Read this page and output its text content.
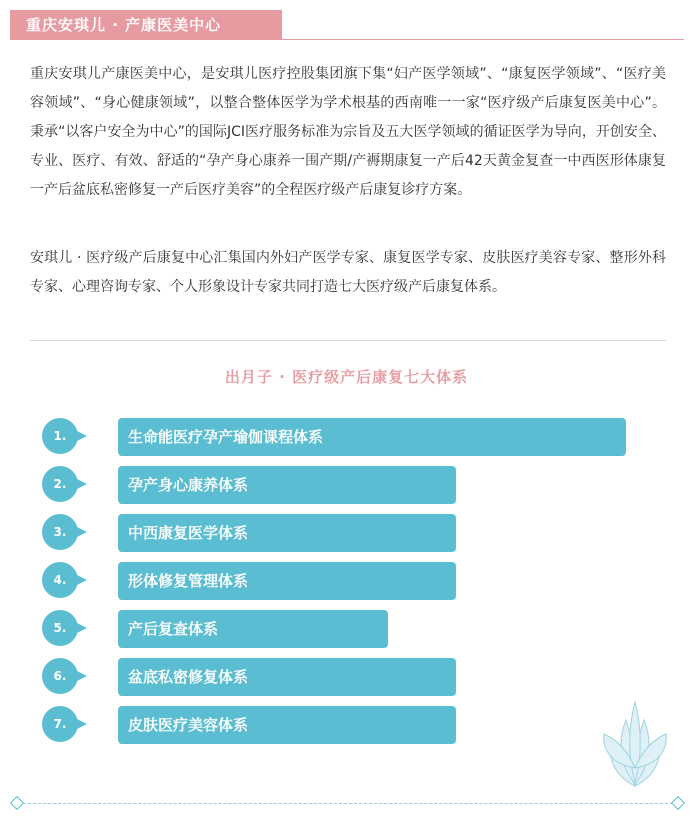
重庆安琪儿 · 产康医美中心
重庆安琪儿产康医美中心，是安琪儿医疗控股集团旗下集“妇产医学领域”、“康复医学领域”、“医疗美容领域”、“身心健康领域”，以整合整体医学为学术根基的西南唯一一家“医疗级产后康复医美中心”。秉承“以客户安全为中心”的国际JCI医疗服务标准为宗旨及五大医学领域的循证医学为导向，开创安全、专业、医疗、有效、舒适的“孕产身心康养一围产期/产褥期康复一产后42天黄金复查一中西医形体康复一产后盆底私密修复一产后医疗美容”的全程医疗级产后康复诊疗方案。
安琪儿 · 医疗级产后康复中心汇集国内外妇产医学专家、康复医学专家、皮肤医疗美容专家、整形外科专家、心理咨询专家、个人形象设计专家共同打造七大医疗级产后康复体系。
出月子 · 医疗级产后康复七大体系
1.	生命能医疗孕产瑜伽课程体系
2.	孕产身心康养体系
3.	中西康复医学体系
4.	形体修复管理体系
5.	产后复查体系
6.	盆底私密修复体系
7.	皮肤医疗美容体系
